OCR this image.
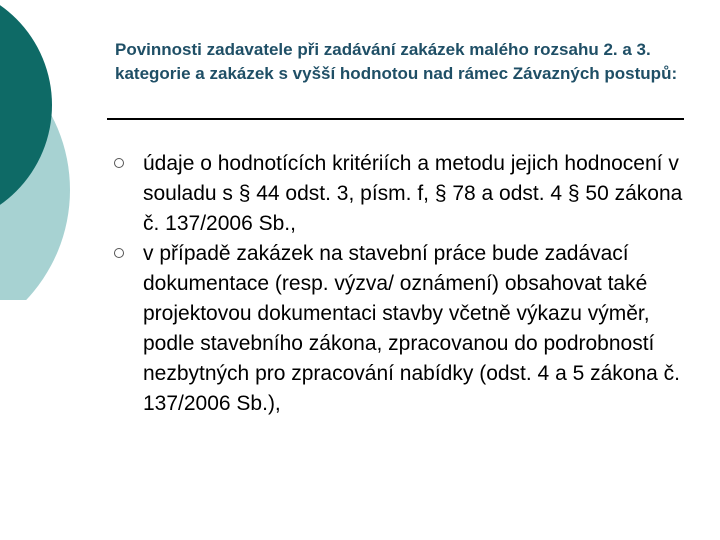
Povinnosti zadavatele při zadávání zakázek malého rozsahu 2. a 3. kategorie a zakázek s vyšší hodnotou nad rámec Závazných postupů:
údaje o hodnotících kritériích a metodu jejich hodnocení v souladu s § 44 odst. 3, písm. f, § 78 a odst. 4 § 50 zákona č. 137/2006 Sb.,
v případě zakázek na stavební práce bude zadávací dokumentace (resp. výzva/ oznámení) obsahovat také projektovou dokumentaci stavby včetně výkazu výměr, podle stavebního zákona, zpracovanou do podrobností nezbytných pro zpracování nabídky (odst. 4 a 5 zákona č. 137/2006 Sb.),
